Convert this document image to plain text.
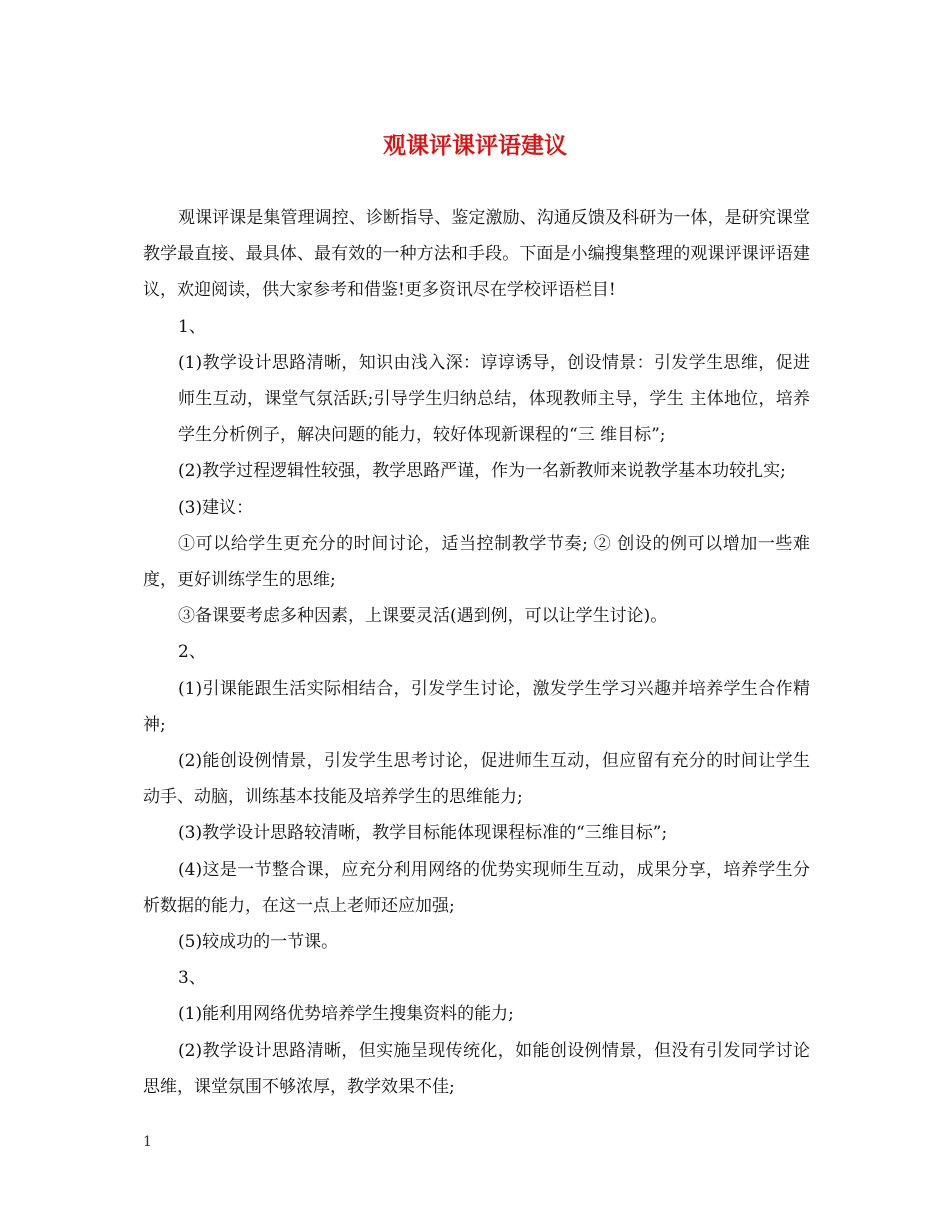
观课评课评语建议

观课评课是集管理调控、诊断指导、鉴定激励、沟通反馈及科研为一体，是研究课堂教学最直接、最具体、最有效的一种方法和手段。下面是小编搜集整理的观课评课评语建议，欢迎阅读，供大家参考和借鉴!更多资讯尽在学校评语栏目!

1、

(1)教学设计思路清晰，知识由浅入深：谆谆诱导，创设情景：引发学生思维，促进师生互动，课堂气氛活跃;引导学生归纳总结，体现教师主导，学生 主体地位，培养学生分析例子，解决问题的能力，较好体现新课程的“三 维目标”;

(2)教学过程逻辑性较强，教学思路严谨，作为一名新教师来说教学基本功较扎实;

(3)建议：

①可以给学生更充分的时间讨论，适当控制教学节奏; ② 创设的例可以增加一些难度，更好训练学生的思维;

③备课要考虑多种因素，上课要灵活(遇到例，可以让学生讨论)。

2、

(1)引课能跟生活实际相结合，引发学生讨论，激发学生学习兴趣并培养学生合作精神;

(2)能创设例情景，引发学生思考讨论，促进师生互动，但应留有充分的时间让学生动手、动脑，训练基本技能及培养学生的思维能力;

(3)教学设计思路较清晰，教学目标能体现课程标准的“三维目标”;

(4)这是一节整合课，应充分利用网络的优势实现师生互动，成果分享，培养学生分析数据的能力，在这一点上老师还应加强;

(5)较成功的一节课。

3、

(1)能利用网络优势培养学生搜集资料的能力;

(2)教学设计思路清晰，但实施呈现传统化，如能创设例情景，但没有引发同学讨论思维，课堂氛围不够浓厚，教学效果不佳;

1
